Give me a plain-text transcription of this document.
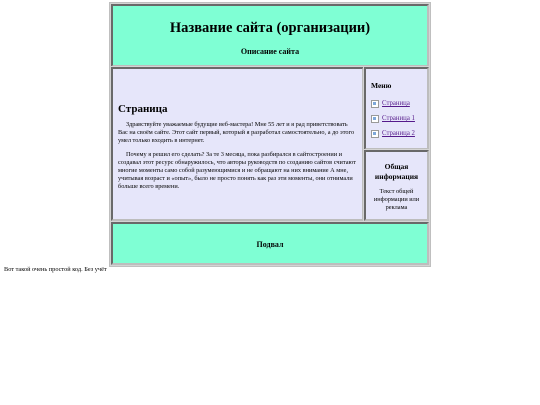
Название сайта (организации)

Описание сайта

Страница

Здравствуйте уважаемые будущие веб-мастера! Мне 55 лет и я рад приветствовать Вас на своём сайте. Этот сайт первый, который я разработал самостоятельно, а до этого умел только входить в интернет.

Почему я решил его сделать? За те 3 месяца, пока разбирался в сайтостроении и создавал этот ресурс обнаружилось, что авторы руководств по созданию сайтов считают многие моменты само собой разумеющимися и не обращают на них внимание А мне, учитывая возраст и «опыт», было не просто понять как раз эти моменты, они отнимали больше всего времени.

Меню
Страница
Страница 1
Страница 2
Общая информация

Текст общей информации или реклама

Подвал

Вот такой очень простой код. Без учёт
